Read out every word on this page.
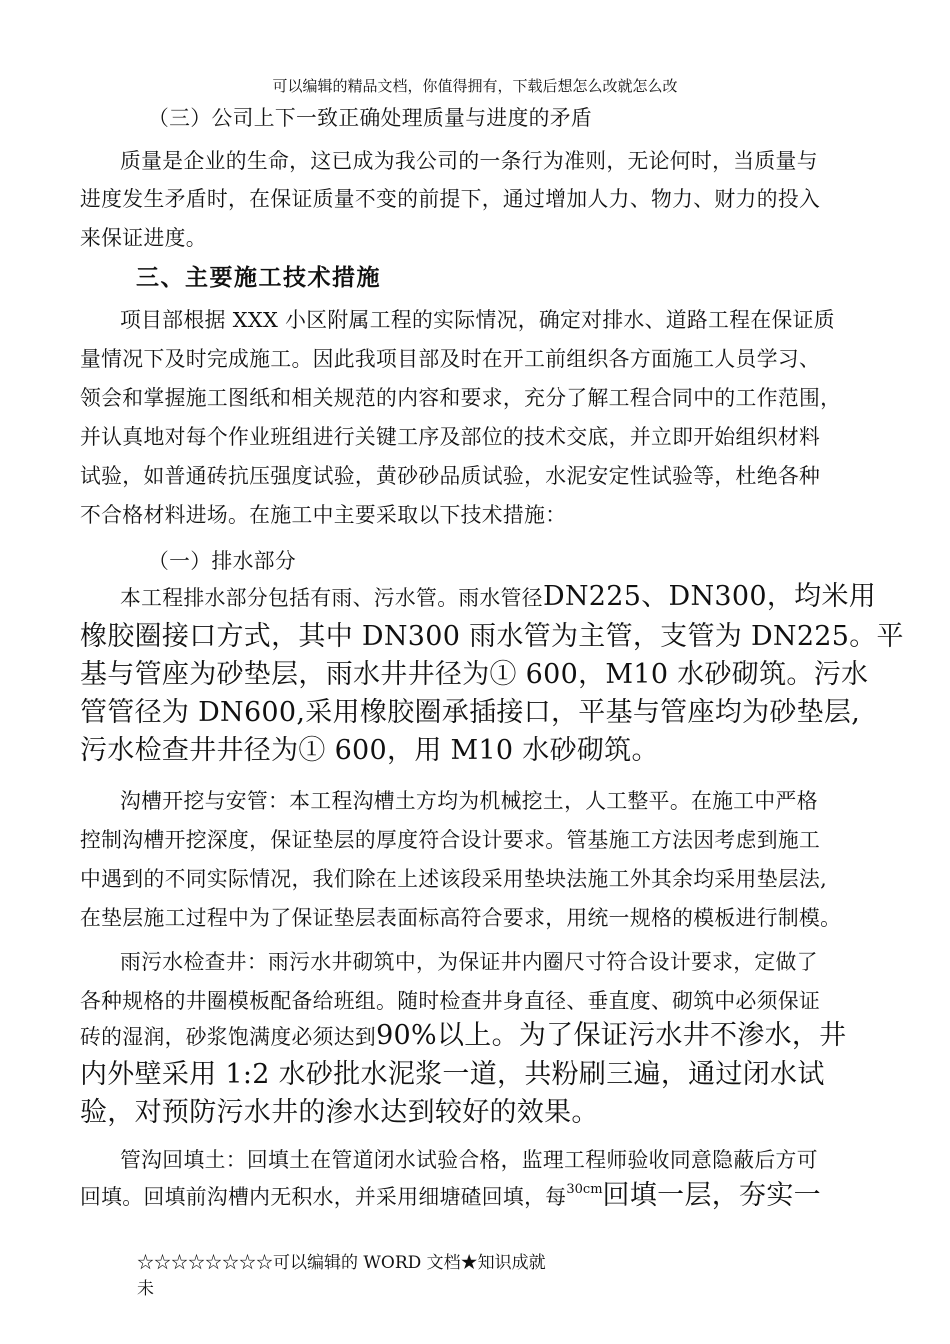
可以编辑的精品文档，你值得拥有，下载后想怎么改就怎么改

（三）公司上下一致正确处理质量与进度的矛盾

质量是企业的生命，这已成为我公司的一条行为准则，无论何时，当质量与

进度发生矛盾时，在保证质量不变的前提下，通过增加人力、物力、财力的投入

来保证进度。

三、主要施工技术措施

项目部根据 XXX 小区附属工程的实际情况，确定对排水、道路工程在保证质

量情况下及时完成施工。因此我项目部及时在开工前组织各方面施工人员学习、

领会和掌握施工图纸和相关规范的内容和要求，充分了解工程合同中的工作范围，

并认真地对每个作业班组进行关键工序及部位的技术交底，并立即开始组织材料

试验，如普通砖抗压强度试验，黄砂砂品质试验，水泥安定性试验等，杜绝各种

不合格材料进场。在施工中主要采取以下技术措施：

（一）排水部分

本工程排水部分包括有雨、污水管。雨水管径DN225、DN300，均米用

橡胶圈接口方式，其中 DN300 雨水管为主管，支管为 DN225。平

基与管座为砂垫层，雨水井井径为① 600，M10 水砂砌筑。污水

管管径为 DN600,采用橡胶圈承插接口，平基与管座均为砂垫层,

污水检查井井径为① 600，用 M10 水砂砌筑。

沟槽开挖与安管：本工程沟槽土方均为机械挖土，人工整平。在施工中严格

控制沟槽开挖深度，保证垫层的厚度符合设计要求。管基施工方法因考虑到施工

中遇到的不同实际情况，我们除在上述该段采用垫块法施工外其余均采用垫层法,

在垫层施工过程中为了保证垫层表面标高符合要求，用统一规格的模板进行制模。

雨污水检查井：雨污水井砌筑中，为保证井内圈尺寸符合设计要求，定做了

各种规格的井圈模板配备给班组。随时检查井身直径、垂直度、砌筑中必须保证

砖的湿润，砂浆饱满度必须达到90%以上。为了保证污水井不渗水，井

内外壁采用 1:2 水砂批水泥浆一道，共粉刷三遍，通过闭水试

验，对预防污水井的渗水达到较好的效果。

管沟回填土：回填土在管道闭水试验合格，监理工程师验收同意隐蔽后方可

回填。回填前沟槽内无积水，并采用细塘碴回填，每$^{30cm}$回填一层，夯实一

☆☆☆☆☆☆☆☆可以编辑的 WORD 文档★知识成就

未
